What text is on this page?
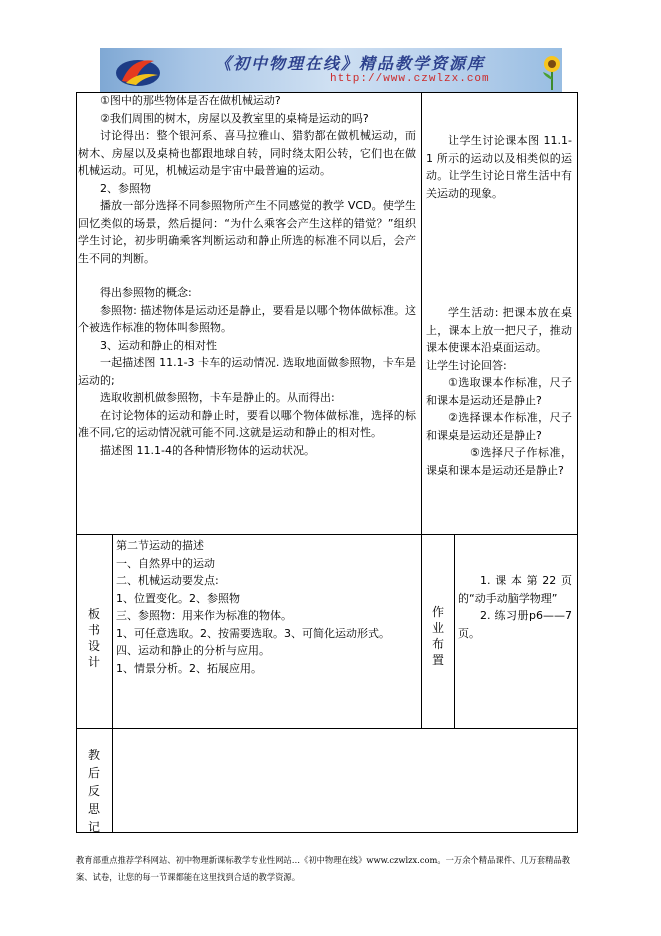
《初中物理在线》精品教学资源库
http://www.czwlzx.com

①图中的那些物体是否在做机械运动?

②我们周围的树木，房屋以及教室里的桌椅是运动的吗?

讨论得出：整个银河系、喜马拉雅山、猎豹都在做机械运动，而树木、房屋以及桌椅也都跟地球自转，同时绕太阳公转，它们也在做机械运动。可见，机械运动是宇宙中最普遍的运动。

2、参照物

播放一部分选择不同参照物所产生不同感觉的教学 VCD。使学生回忆类似的场景，然后提问：“为什么乘客会产生这样的错觉？”组织学生讨论，初步明确乘客判断运动和静止所选的标准不同以后，会产生不同的判断。

得出参照物的概念:

参照物: 描述物体是运动还是静止，要看是以哪个物体做标准。这个被选作标准的物体叫参照物。

3、运动和静止的相对性

一起描述图 11.1-3 卡车的运动情况. 选取地面做参照物，卡车是运动的;

选取收割机做参照物，卡车是静止的。从而得出:

在讨论物体的运动和静止时，要看以哪个物体做标准，选择的标准不同,它的运动情况就可能不同.这就是运动和静止的相对性。

描述图 11.1-4的各种情形物体的运动状况。

让学生讨论课本图 11.1-1 所示的运动以及相类似的运动。让学生讨论日常生活中有关运动的现象。

学生活动: 把课本放在桌上，课本上放一把尺子，推动课本使课本沿桌面运动。

让学生讨论回答:

①选取课本作标准，尺子和课本是运动还是静止?

②选择课本作标准，尺子和课桌是运动还是静止?

⑤选择尺子作标准，课桌和课本是运动还是静止?

板书设计

第二节运动的描述

一、自然界中的运动

二、机械运动要发点:

1、位置变化。2、参照物

三、参照物：用来作为标准的物体。

1、可任意选取。2、按需要选取。3、可简化运动形式。

四、运动和静止的分析与应用。

1、情景分析。2、拓展应用。

作业布置

1.课本第22页的“动手动脑学物理”

2. 练习册p6——7页。

教后反思记
教育部重点推荐学科网站、初中物理新课标教学专业性网站…《初中物理在线》www.czwlzx.com。一万余个精品课件、几万套精品教案、试卷，让您的每一节课都能在这里找到合适的教学资源。
